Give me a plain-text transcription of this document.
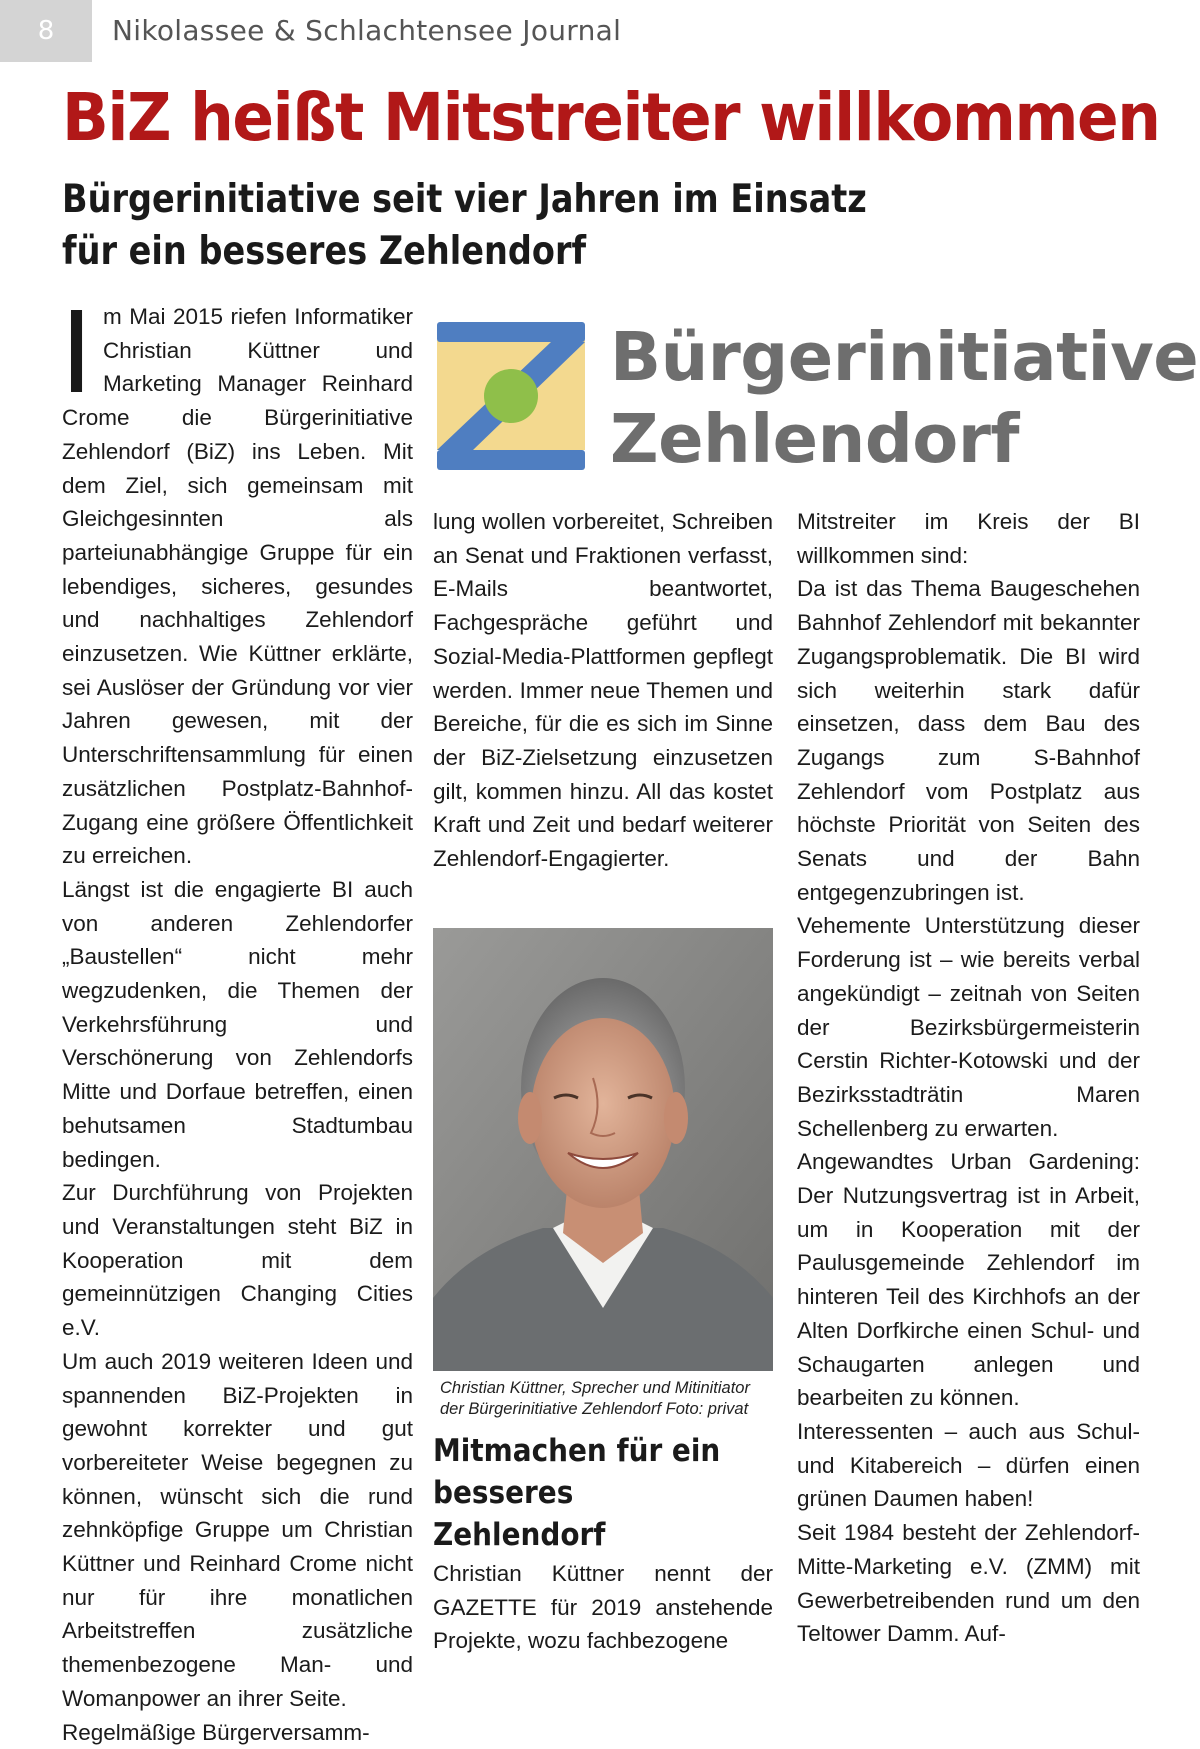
8	Nikolassee & Schlachtensee Journal
BiZ heißt Mitstreiter willkommen
Bürgerinitiative seit vier Jahren im Einsatz
für ein besseres Zehlendorf

Im Mai 2015 riefen Informatiker Christian Küttner und Marketing Manager Reinhard Crome die Bürgerinitiative Zehlendorf (BiZ) ins Leben. Mit dem Ziel, sich gemeinsam mit Gleichgesinnten als parteiunabhängige Gruppe für ein lebendiges, sicheres, gesundes und nachhaltiges Zehlendorf einzusetzen. Wie Küttner erklärte, sei Auslöser der Gründung vor vier Jahren gewesen, mit der Unterschriftensammlung für einen zusätzlichen Postplatz-Bahnhof-Zugang eine größere Öffentlichkeit zu erreichen.

Längst ist die engagierte BI auch von anderen Zehlendorfer „Baustellen“ nicht mehr wegzudenken, die Themen der Verkehrsführung und Verschönerung von Zehlendorfs Mitte und Dorfaue betreffen, einen behutsamen Stadtumbau bedingen.

Zur Durchführung von Projekten und Veranstaltungen steht BiZ in Kooperation mit dem gemeinnützigen Changing Cities e.V.

Um auch 2019 weiteren Ideen und spannenden BiZ-Projekten in gewohnt korrekter und gut vorbereiteter Weise begegnen zu können, wünscht sich die rund zehnköpfige Gruppe um Christian Küttner und Reinhard Crome nicht nur für ihre monatlichen Arbeitstreffen zusätzliche themenbezogene Man- und Womanpower an ihrer Seite.

Regelmäßige Bürgerversamm-

Bürgerinitiative
Zehlendorf

lung wollen vorbereitet, Schreiben an Senat und Fraktionen verfasst, E-Mails beantwortet, Fachgespräche geführt und Sozial-Media-Plattformen gepflegt werden. Immer neue Themen und Bereiche, für die es sich im Sinne der BiZ-Zielsetzung einzusetzen gilt, kommen hinzu. All das kostet Kraft und Zeit und bedarf weiterer Zehlendorf-Engagierter.

Christian Küttner, Sprecher und Mitinitiator
der Bürgerinitiative Zehlendorf Foto: privat
Mitmachen für ein
besseres Zehlendorf

Christian Küttner nennt der GAZETTE für 2019 anstehende Projekte, wozu fachbezogene

Mitstreiter im Kreis der BI willkommen sind:

Da ist das Thema Baugeschehen Bahnhof Zehlendorf mit bekannter Zugangsproblematik. Die BI wird sich weiterhin stark dafür einsetzen, dass dem Bau des Zugangs zum S-Bahnhof Zehlendorf vom Postplatz aus höchste Priorität von Seiten des Senats und der Bahn entgegenzubringen ist.

Vehemente Unterstützung dieser Forderung ist – wie bereits verbal angekündigt – zeitnah von Seiten der Bezirksbürgermeisterin Cerstin Richter-Kotowski und der Bezirksstadträtin Maren Schellenberg zu erwarten.

Angewandtes Urban Gardening: Der Nutzungsvertrag ist in Arbeit, um in Kooperation mit der Paulusgemeinde Zehlendorf im hinteren Teil des Kirchhofs an der Alten Dorfkirche einen Schul- und Schaugarten anlegen und bearbeiten zu können.

Interessenten – auch aus Schul- und Kitabereich – dürfen einen grünen Daumen haben!

Seit 1984 besteht der Zehlendorf-Mitte-Marketing e.V. (ZMM) mit Gewerbetreibenden rund um den Teltower Damm. Auf-
